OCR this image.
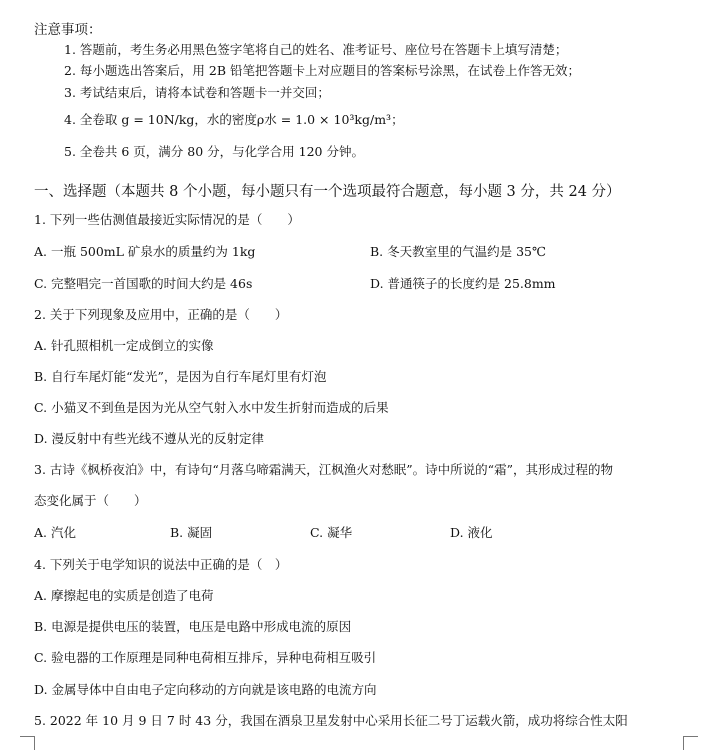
注意事项：
1. 答题前，考生务必用黑色签字笔将自己的姓名、准考证号、座位号在答题卡上填写清楚；
2. 每小题选出答案后，用 2B 铅笔把答题卡上对应题目的答案标号涂黑，在试卷上作答无效；
3. 考试结束后，请将本试卷和答题卡一并交回；
4. 全卷取 g = 10N/kg，水的密度ρ水 = 1.0 × 10³kg/m³；
5. 全卷共 6 页，满分 80 分，与化学合用 120 分钟。
一、选择题（本题共 8 个小题，每小题只有一个选项最符合题意，每小题 3 分，共 24 分）
1. 下列一些估测值最接近实际情况的是（　　）
A. 一瓶 500mL 矿泉水的质量约为 1kg	B. 冬天教室里的气温约是 35℃
C. 完整唱完一首国歌的时间大约是 46s	D. 普通筷子的长度约是 25.8mm
2. 关于下列现象及应用中，正确的是（　　）
A. 针孔照相机一定成倒立的实像
B. 自行车尾灯能“发光”，是因为自行车尾灯里有灯泡
C. 小猫叉不到鱼是因为光从空气射入水中发生折射而造成的后果
D. 漫反射中有些光线不遵从光的反射定律
3. 古诗《枫桥夜泊》中，有诗句“月落乌啼霜满天，江枫渔火对愁眠”。诗中所说的“霜”，其形成过程的物
态变化属于（　　）
A. 汽化	B. 凝固	C. 凝华	D. 液化
4. 下列关于电学知识的说法中正确的是（　）
A. 摩擦起电的实质是创造了电荷
B. 电源是提供电压的装置，电压是电路中形成电流的原因
C. 验电器的工作原理是同种电荷相互排斥，异种电荷相互吸引
D. 金属导体中自由电子定向移动的方向就是该电路的电流方向
5. 2022 年 10 月 9 日 7 时 43 分，我国在酒泉卫星发射中心采用长征二号丁运载火箭，成功将综合性太阳
